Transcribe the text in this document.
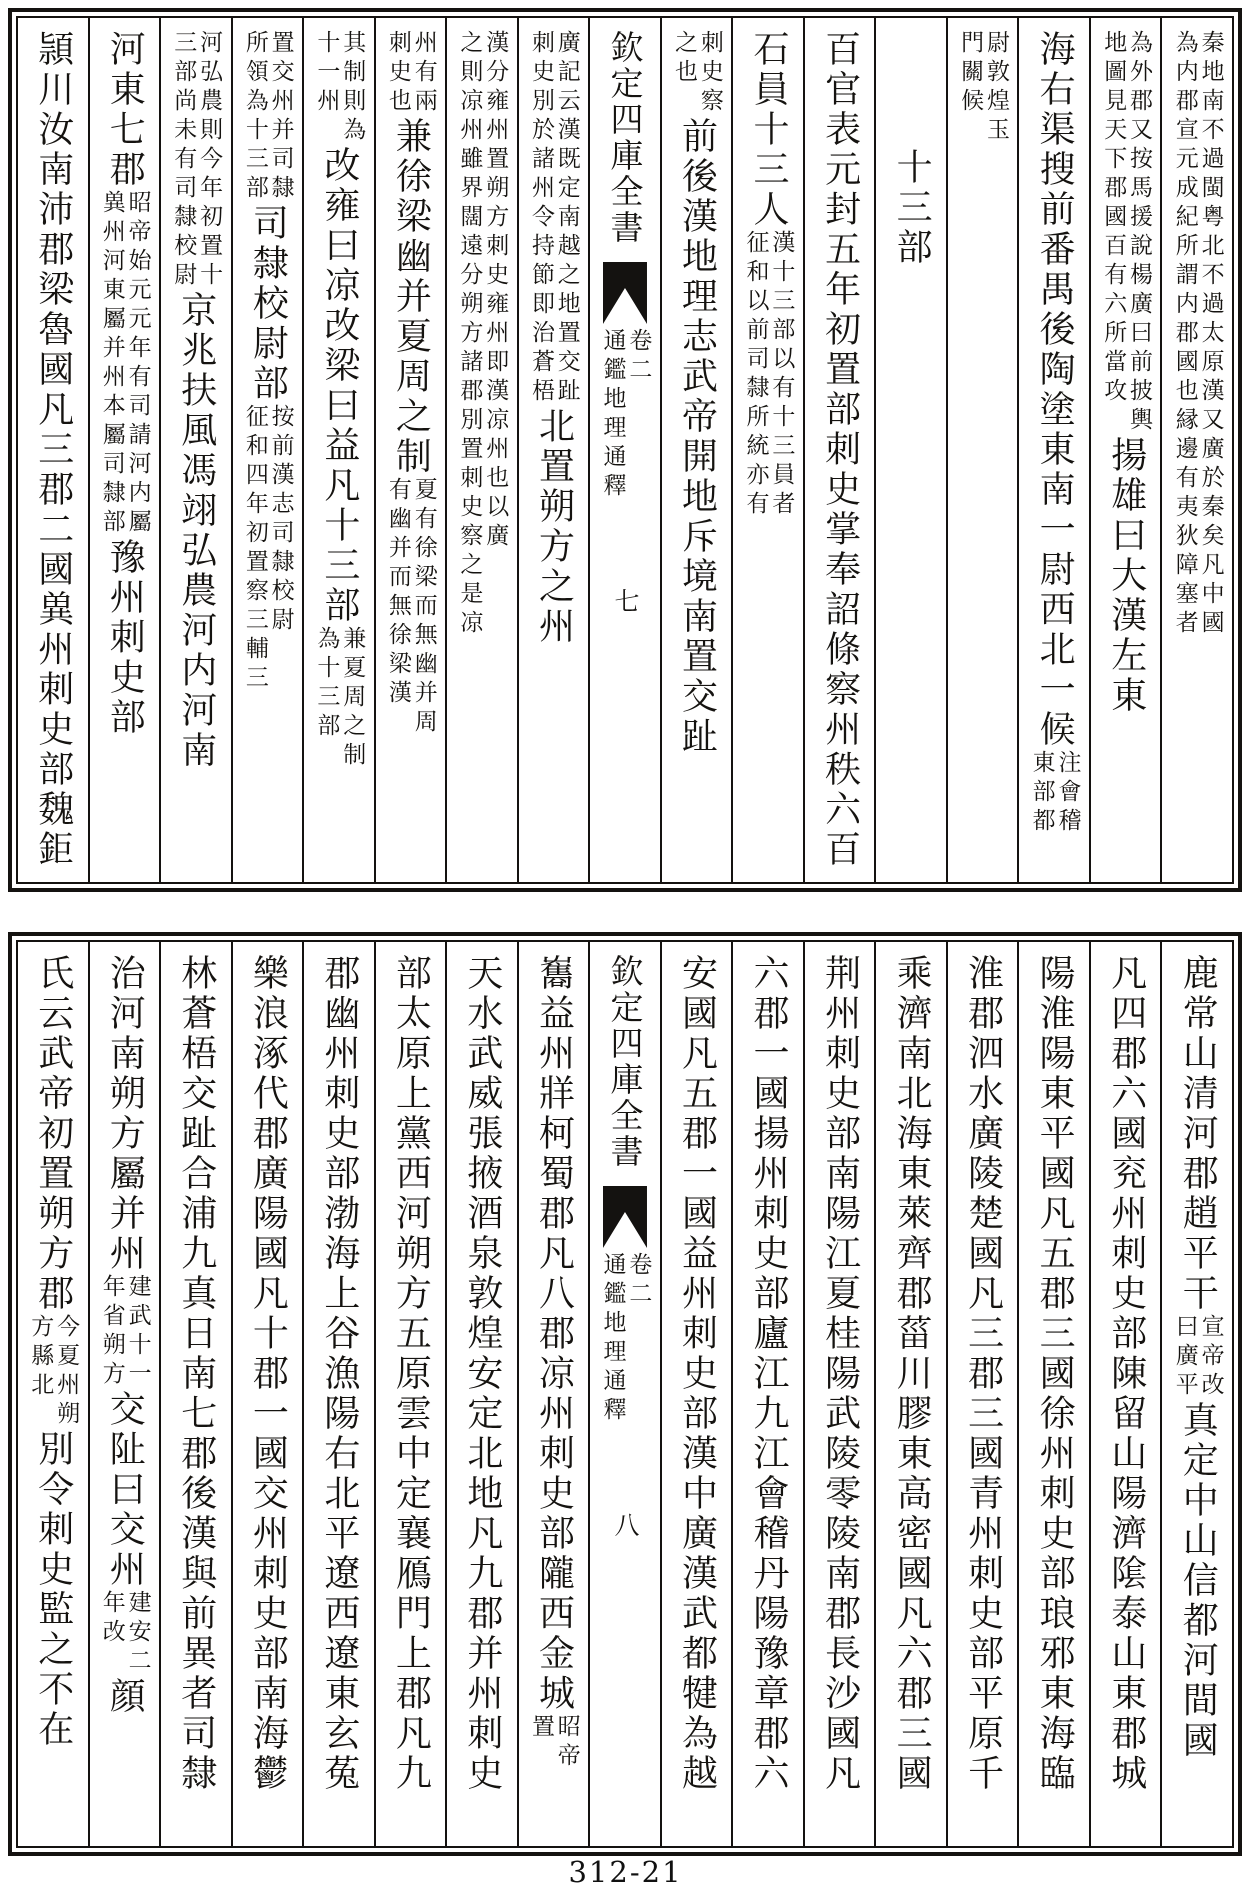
秦地南不過閩粤北不過太原漢又廣於秦矣凡中國
為内郡宣元成紀所謂内郡國也縁邊有夷狄障塞者
為外郡又按馬援說楊廣曰前披輿
地圖見天下郡國百有六所當攻
揚雄曰大漢左東
海右渠搜前番禺後陶塗東南一尉西北一候
注會稽
東部都
尉敦煌玉
門關候
十三部
百官表元封五年初置部刺史掌奉詔條察州秩六百
石員十三人
漢十三部以有十三員者
征和以前司隸所統亦有
刺史察
之也
前後漢地理志武帝開地斥境南置交趾
欽定四庫全書
卷二
通鑑地理通釋
七
廣記云漢既定南越之地置交趾
刺史別於諸州令持節即治蒼梧
北置朔方之州
漢分雍州置朔方刺史雍州即漢凉州也以廣
之則凉州雖界闊遠分朔方諸郡別置刺史察之是凉
州有兩
刺史也
兼徐梁幽并夏周之制
夏有徐梁而無幽并周
有幽并而無徐梁漢
其制則為
十一州
改雍曰凉改梁曰益凡十三部
兼夏周之制
為十三部
置交州并司隸
所領為十三部
司隸校尉部
按前漢志司隸校尉
征和四年初置察三輔三
河弘農則今年初置十
三部尚未有司隸校尉
京兆扶風馮翊弘農河内河南
河東七郡
昭帝始元元年有司請河内屬
兾州河東屬并州本屬司隸部
豫州刺史部
頴川汝南沛郡梁魯國凡三郡二國兾州刺史部魏鉅
鹿常山清河郡趙平干
宣帝改
曰廣平
真定中山信都河間國
凡四郡六國兖州刺史部陳留山陽濟隂泰山東郡城
陽淮陽東平國凡五郡三國徐州刺史部琅邪東海臨
淮郡泗水廣陵楚國凡三郡三國青州刺史部平原千
乘濟南北海東萊齊郡菑川膠東高密國凡六郡三國
荆州刺史部南陽江夏桂陽武陵零陵南郡長沙國凡
六郡一國揚州刺史部廬江九江會稽丹陽豫章郡六
安國凡五郡一國益州刺史部漢中廣漢武都犍為越
欽定四庫全書
卷二
通鑑地理通釋
八
雟益州牂柯蜀郡凡八郡凉州刺史部隴西金城
昭帝
置
天水武威張掖酒泉敦煌安定北地凡九郡并州刺史
部太原上黨西河朔方五原雲中定襄鴈門上郡凡九
郡幽州刺史部渤海上谷漁陽右北平遼西遼東玄菟
樂浪涿代郡廣陽國凡十郡一國交州刺史部南海鬱
林蒼梧交趾合浦九真日南七郡後漢與前異者司隸
治河南朔方屬并州
建武十一
年省朔方
交阯曰交州
建安二
年改
顔
氏云武帝初置朔方郡
今夏州朔
方縣北
別令刺史監之不在
312-21
